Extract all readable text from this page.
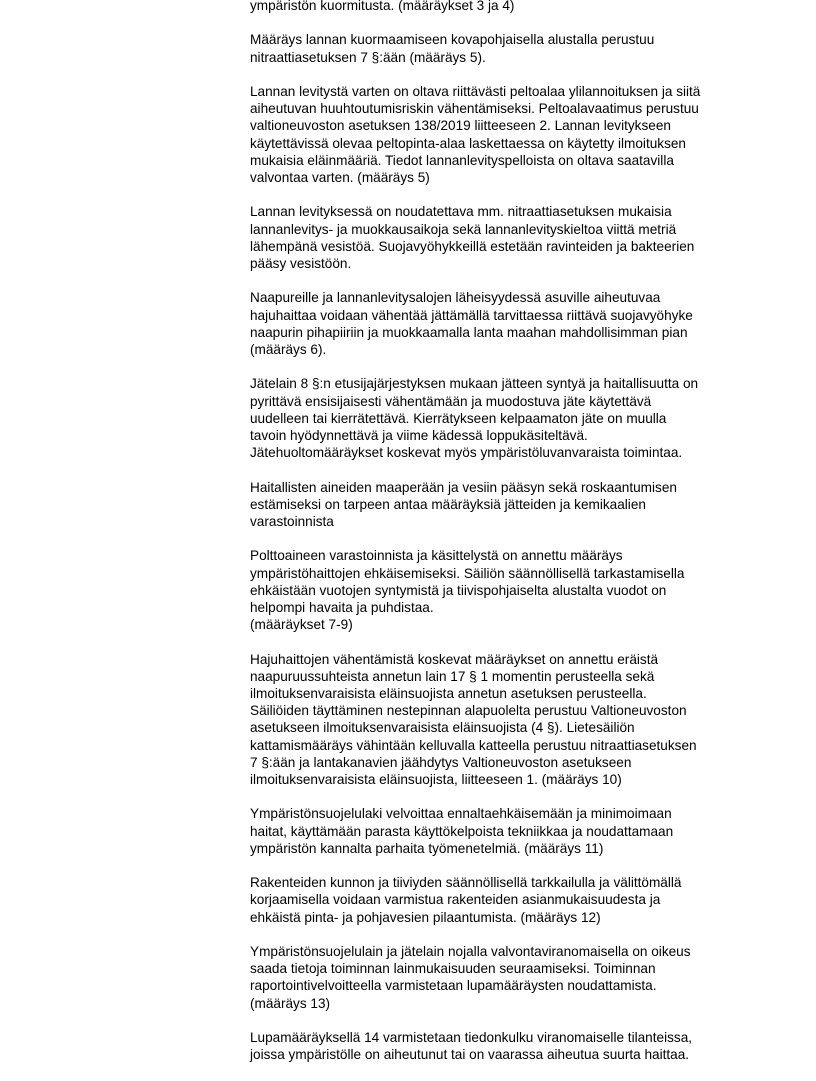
ympäristön kuormitusta. (määräykset 3 ja 4)

Määräys lannan kuormaamiseen kovapohjaisella alustalla perustuu
nitraattiasetuksen 7 §:ään (määräys 5).

Lannan levitystä varten on oltava riittävästi peltoalaa ylilannoituksen ja siitä
aiheutuvan huuhtoutumisriskin vähentämiseksi. Peltoalavaatimus perustuu
valtioneuvoston asetuksen 138/2019 liitteeseen 2. Lannan levitykseen
käytettävissä olevaa peltopinta-alaa laskettaessa on käytetty ilmoituksen
mukaisia eläinmääriä. Tiedot lannanlevityspelloista on oltava saatavilla
valvontaa varten. (määräys 5)

Lannan levityksessä on noudatettava mm. nitraattiasetuksen mukaisia
lannanlevitys- ja muokkausaikoja sekä lannanlevityskieltoa viittä metriä
lähempänä vesistöä. Suojavyöhykkeillä estetään ravinteiden ja bakteerien
pääsy vesistöön.

Naapureille ja lannanlevitysalojen läheisyydessä asuville aiheutuvaa
hajuhaittaa voidaan vähentää jättämällä tarvittaessa riittävä suojavyöhyke
naapurin pihapiiriin ja muokkaamalla lanta maahan mahdollisimman pian
(määräys 6).

Jätelain 8 §:n etusijajärjestyksen mukaan jätteen syntyä ja haitallisuutta on
pyrittävä ensisijaisesti vähentämään ja muodostuva jäte käytettävä
uudelleen tai kierrätettävä. Kierrätykseen kelpaamaton jäte on muulla
tavoin hyödynnettävä ja viime kädessä loppukäsiteltävä.
Jätehuoltomääräykset koskevat myös ympäristöluvanvaraista toimintaa.

Haitallisten aineiden maaperään ja vesiin pääsyn sekä roskaantumisen
estämiseksi on tarpeen antaa määräyksiä jätteiden ja kemikaalien
varastoinnista

Polttoaineen varastoinnista ja käsittelystä on annettu määräys
ympäristöhaittojen ehkäisemiseksi. Säiliön säännöllisellä tarkastamisella
ehkäistään vuotojen syntymistä ja tiivispohjaiselta alustalta vuodot on
helpompi havaita ja puhdistaa.
(määräykset 7-9)

Hajuhaittojen vähentämistä koskevat määräykset on annettu eräistä
naapuruussuhteista annetun lain 17 § 1 momentin perusteella sekä
ilmoituksenvaraisista eläinsuojista annetun asetuksen perusteella.
Säiliöiden täyttäminen nestepinnan alapuolelta perustuu Valtioneuvoston
asetukseen ilmoituksenvaraisista eläinsuojista (4 §). Lietesäiliön
kattamismääräys vähintään kelluvalla katteella perustuu nitraattiasetuksen
7 §:ään ja lantakanavien jäähdytys Valtioneuvoston asetukseen
ilmoituksenvaraisista eläinsuojista, liitteeseen 1. (määräys 10)

Ympäristönsuojelulaki velvoittaa ennaltaehkäisemään ja minimoimaan
haitat, käyttämään parasta käyttökelpoista tekniikkaa ja noudattamaan
ympäristön kannalta parhaita työmenetelmiä. (määräys 11)

Rakenteiden kunnon ja tiiviyden säännöllisellä tarkkailulla ja välittömällä
korjaamisella voidaan varmistua rakenteiden asianmukaisuudesta ja
ehkäistä pinta- ja pohjavesien pilaantumista. (määräys 12)

Ympäristönsuojelulain ja jätelain nojalla valvontaviranomaisella on oikeus
saada tietoja toiminnan lainmukaisuuden seuraamiseksi. Toiminnan
raportointivelvoitteella varmistetaan lupamääräysten noudattamista.
(määräys 13)

Lupamääräyksellä 14 varmistetaan tiedonkulku viranomaiselle tilanteissa,
joissa ympäristölle on aiheutunut tai on vaarassa aiheutua suurta haittaa.
